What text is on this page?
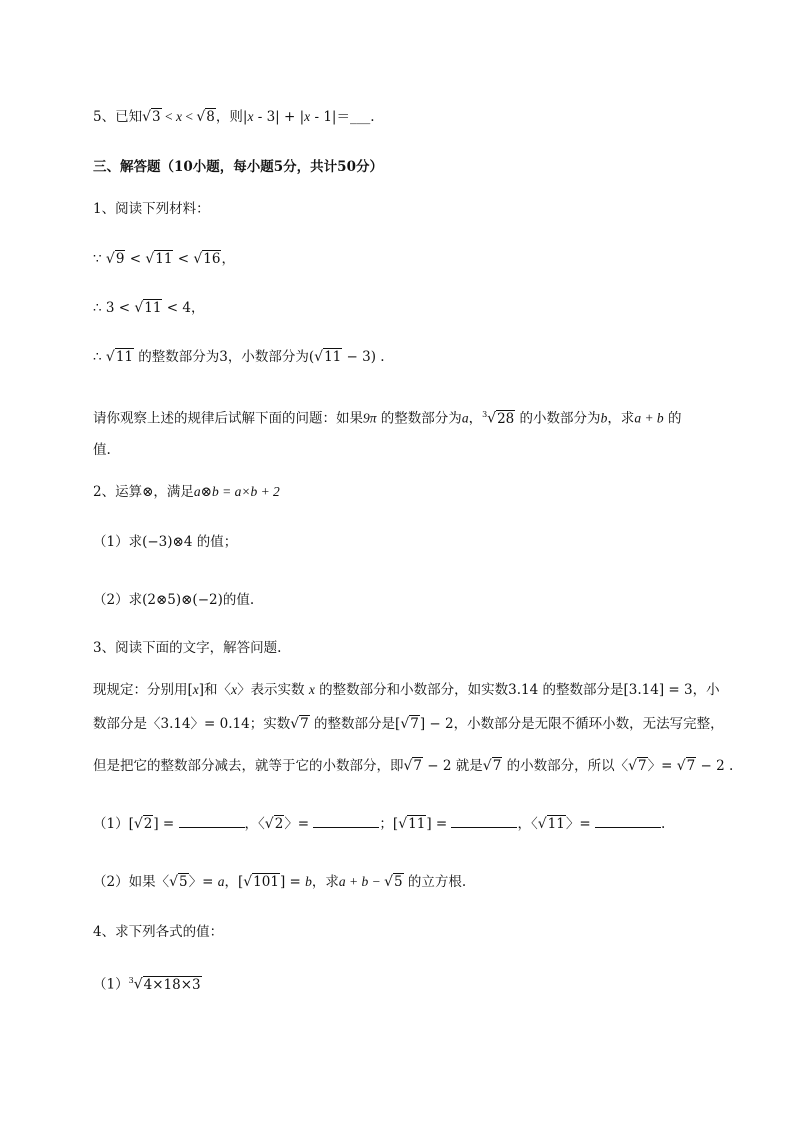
5、已知√3 < x < √8，则|x - 3| + |x - 1|＝___.
三、解答题（10小题，每小题5分，共计50分）
1、阅读下列材料：
∵ √9 < √11 < √16，
∴ 3 < √11 < 4，
∴ √11 的整数部分为3，小数部分为(√11 − 3) .
请你观察上述的规律后试解下面的问题：如果9π 的整数部分为a，$^3$√28 的小数部分为b，求a + b 的
值.
2、运算⊗，满足a⊗b = a×b + 2
（1）求(−3)⊗4 的值；
（2）求(2⊗5)⊗(−2)的值.
3、阅读下面的文字，解答问题.
现规定：分别用[x]和〈x〉表示实数 x 的整数部分和小数部分，如实数3.14 的整数部分是[3.14] = 3，小
数部分是〈3.14〉= 0.14；实数√7 的整数部分是[√7] − 2，小数部分是无限不循环小数，无法写完整，
但是把它的整数部分减去，就等于它的小数部分，即√7 − 2 就是√7 的小数部分，所以〈√7〉= √7 − 2 .
（1）[√2] =	，〈√2〉=	；[√11] =	，〈√11〉=	.
（2）如果〈√5〉= a，[√101] = b，求a + b − √5 的立方根.
4、求下列各式的值：
$(1)^3√4\times 18\times 3$
